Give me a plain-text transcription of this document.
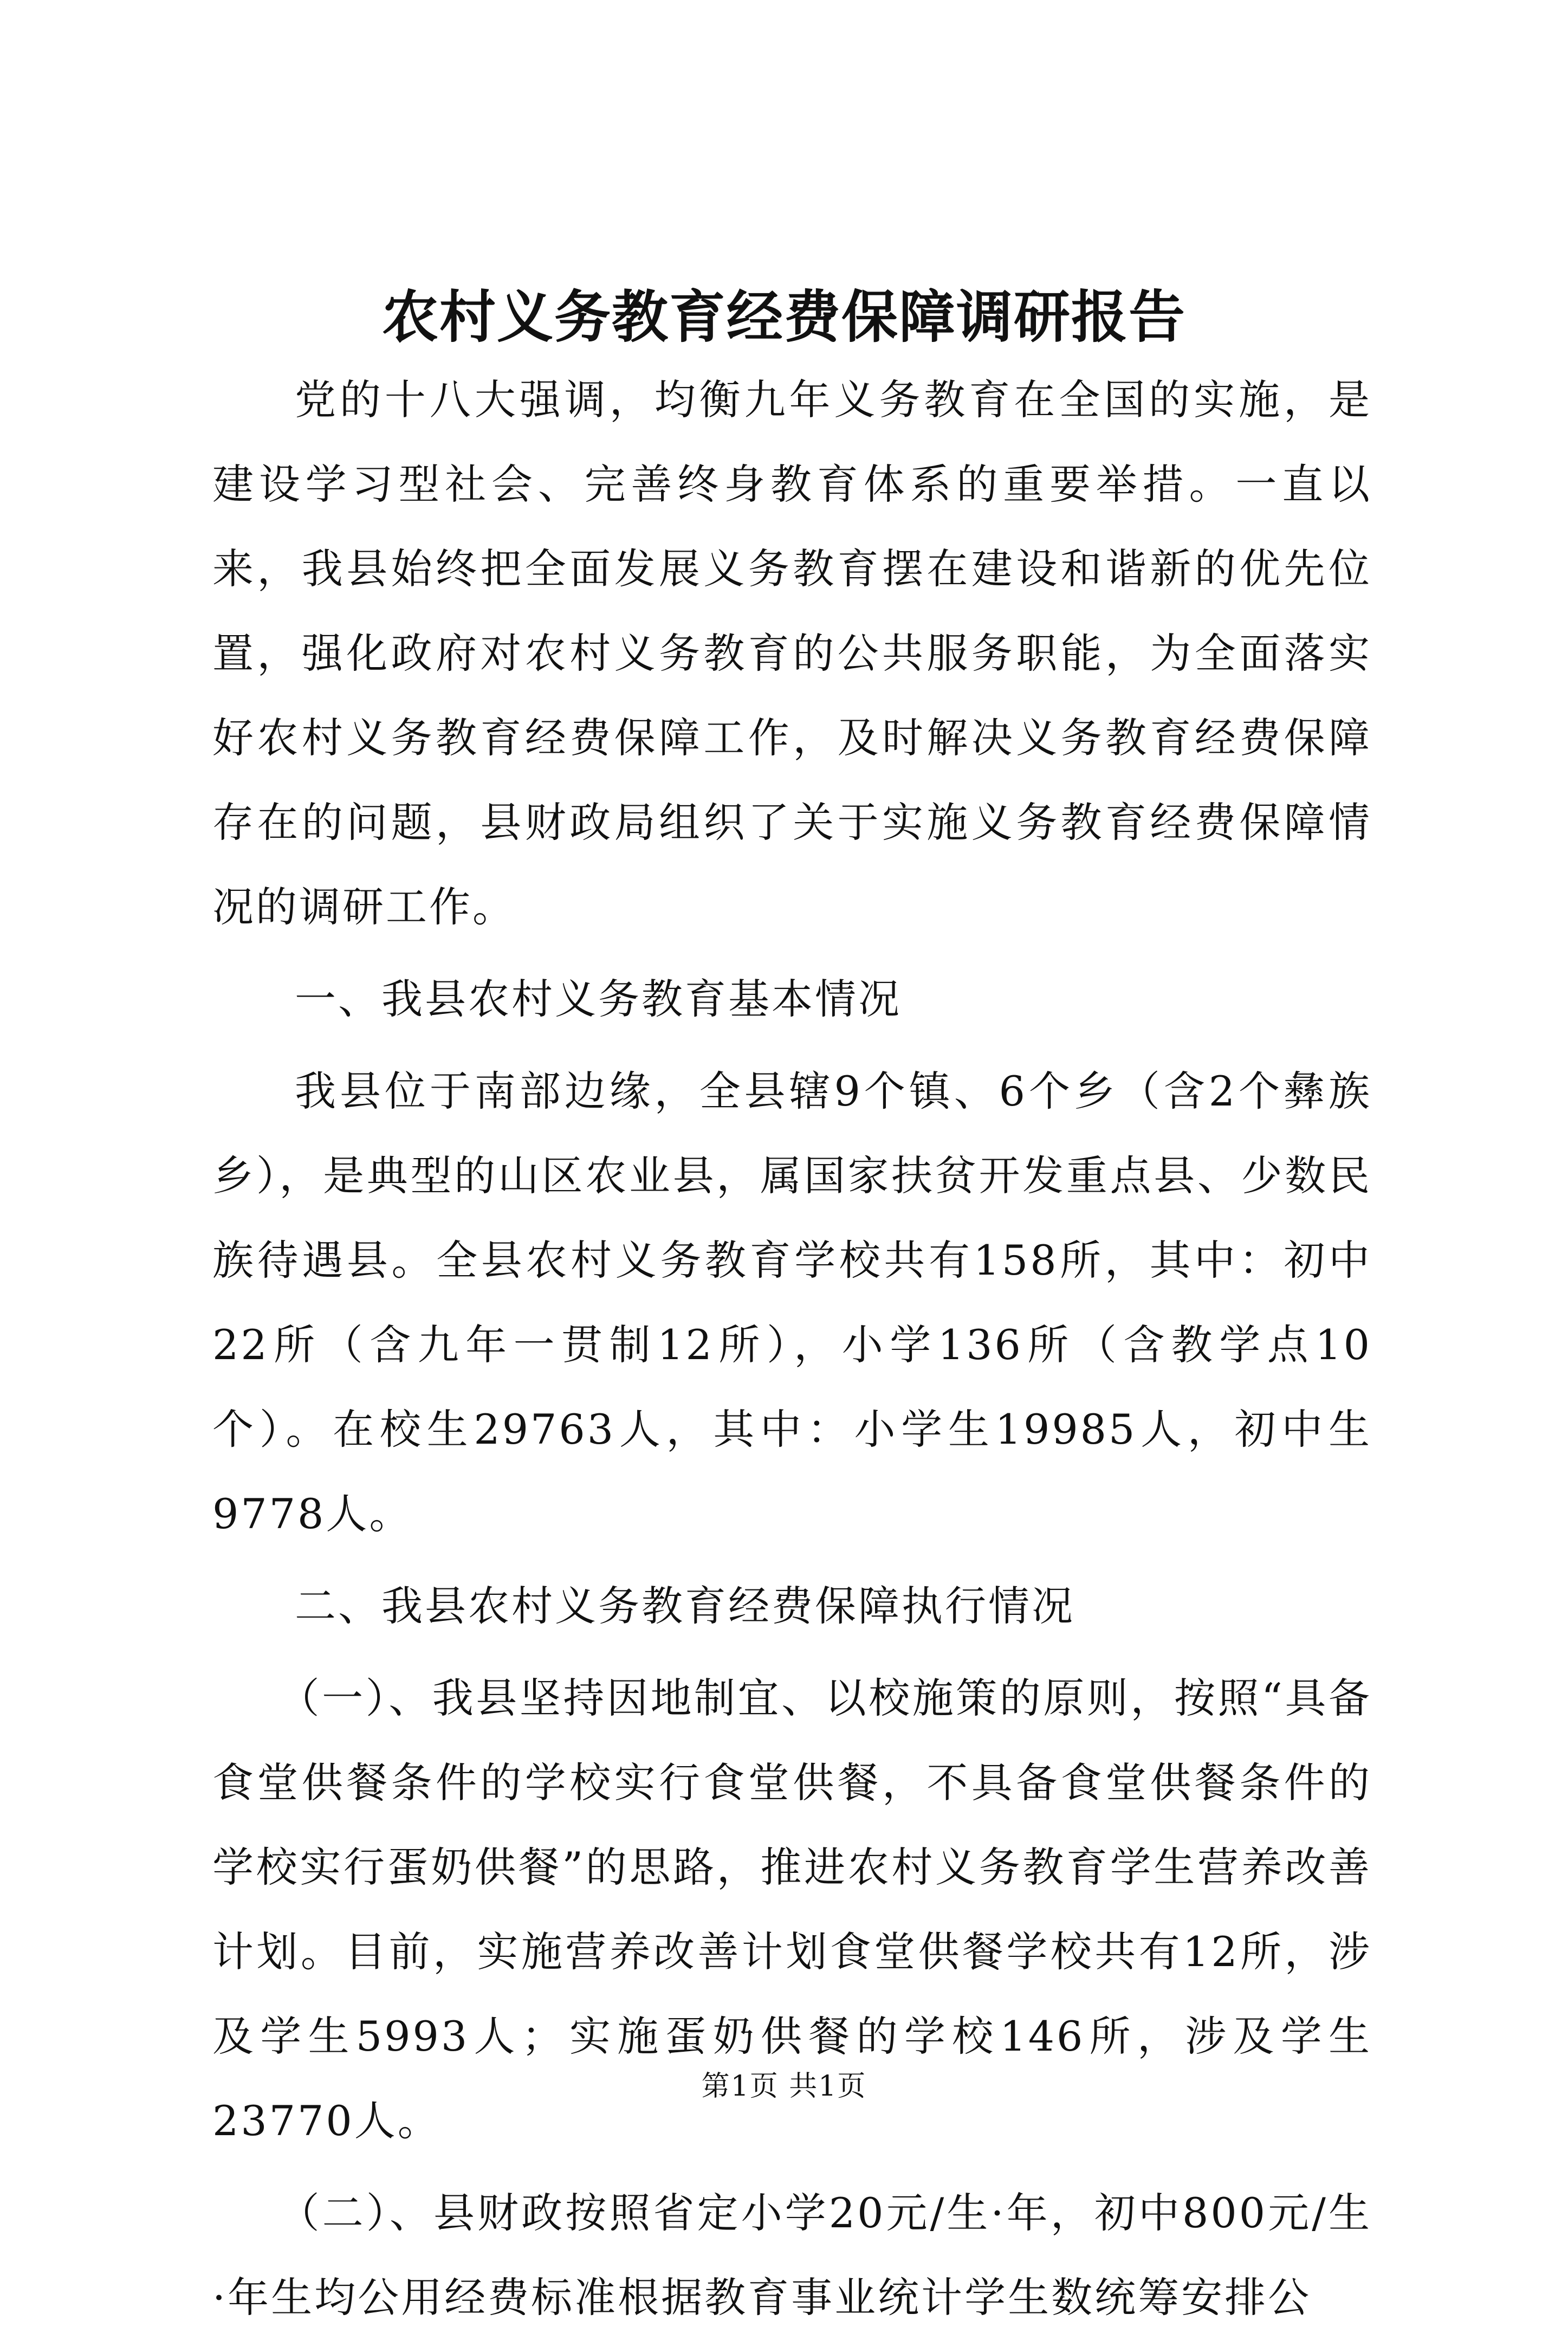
农村义务教育经费保障调研报告

党的十八大强调，均衡九年义务教育在全国的实施，是建设学习型社会、完善终身教育体系的重要举措。一直以来，我县始终把全面发展义务教育摆在建设和谐新的优先位置，强化政府对农村义务教育的公共服务职能，为全面落实好农村义务教育经费保障工作，及时解决义务教育经费保障存在的问题，县财政局组织了关于实施义务教育经费保障情况的调研工作。

一、我县农村义务教育基本情况

我县位于南部边缘，全县辖9个镇、6个乡（含2个彝族乡），是典型的山区农业县，属国家扶贫开发重点县、少数民族待遇县。全县农村义务教育学校共有158所，其中：初中22所（含九年一贯制12所），小学136所（含教学点10个）。在校生29763人，其中：小学生19985人，初中生9778人。

二、我县农村义务教育经费保障执行情况

（一）、我县坚持因地制宜、以校施策的原则，按照“具备食堂供餐条件的学校实行食堂供餐，不具备食堂供餐条件的学校实行蛋奶供餐”的思路，推进农村义务教育学生营养改善计划。目前，实施营养改善计划食堂供餐学校共有12所，涉及学生5993人；实施蛋奶供餐的学校146所，涉及学生23770人。

（二）、县财政按照省定小学20元/生·年，初中800元/生·年生均公用经费标准根据教育事业统计学生数统筹安排公

第1页 共1页
